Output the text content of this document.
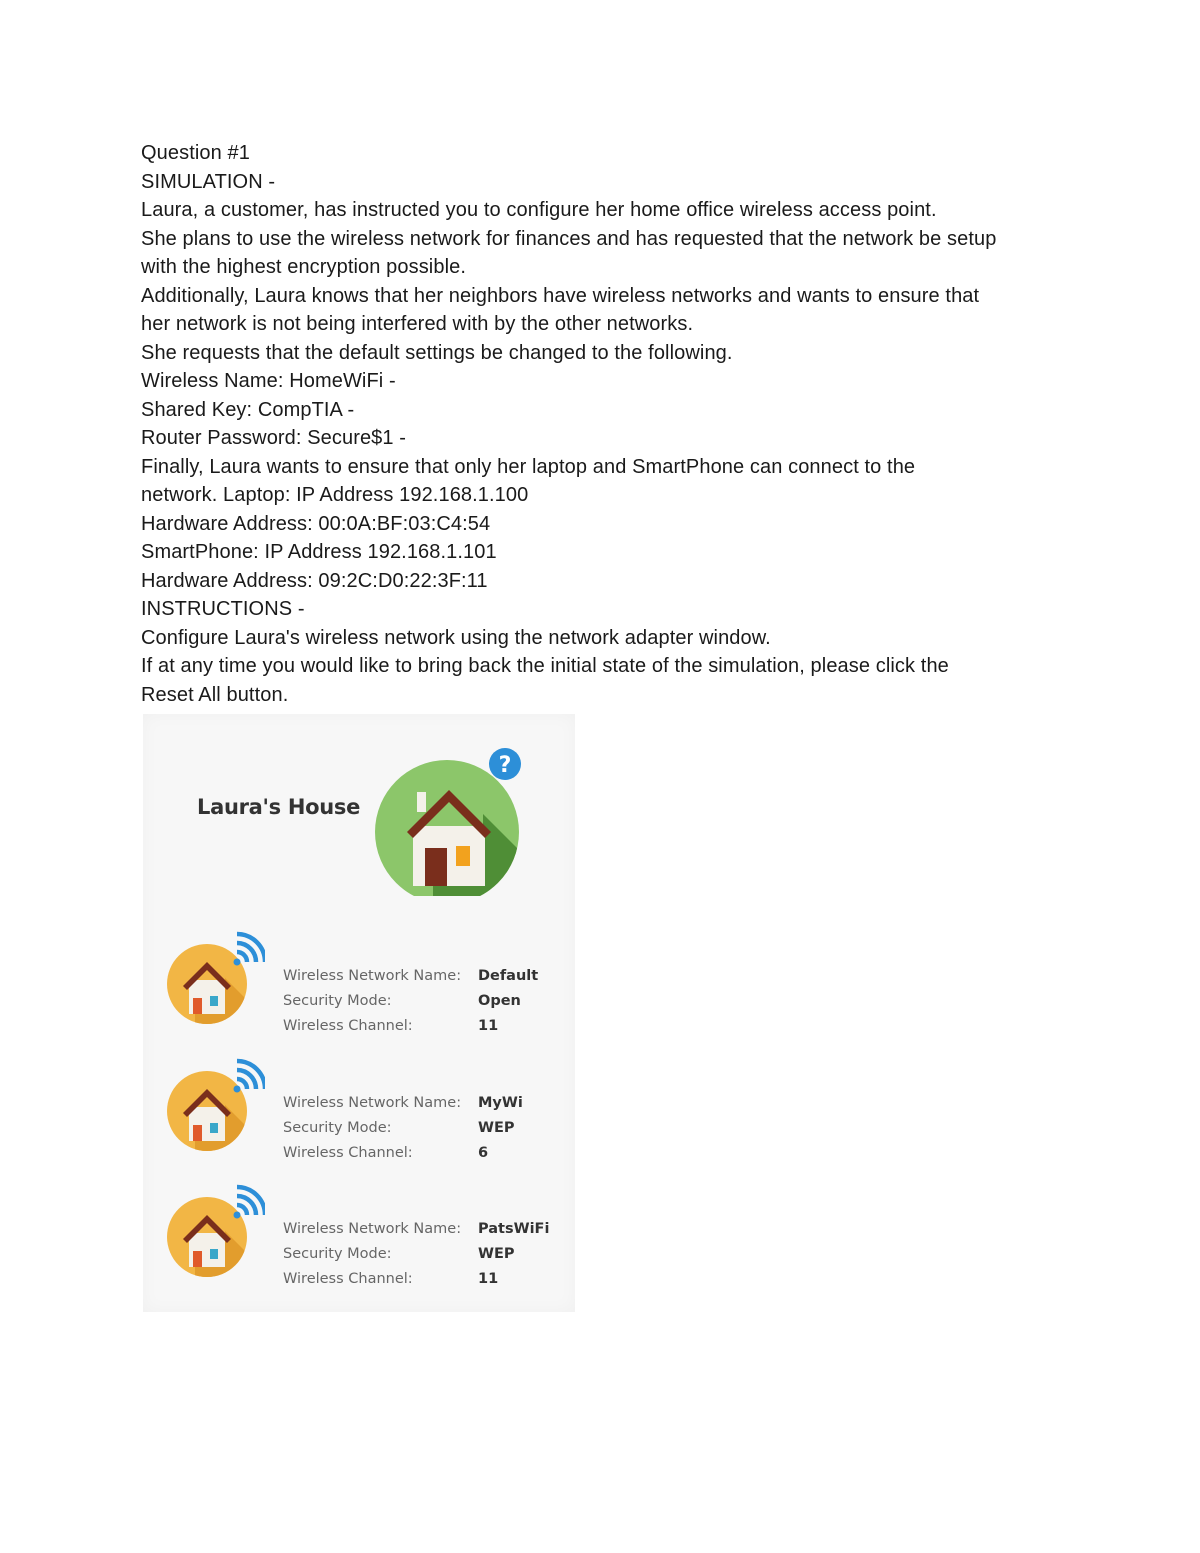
Question #1
SIMULATION -
Laura, a customer, has instructed you to configure her home office wireless access point.
She plans to use the wireless network for finances and has requested that the network be setup
with the highest encryption possible.
Additionally, Laura knows that her neighbors have wireless networks and wants to ensure that
her network is not being interfered with by the other networks.
She requests that the default settings be changed to the following.
Wireless Name: HomeWiFi -
Shared Key: CompTIA -
Router Password: Secure$1 -
Finally, Laura wants to ensure that only her laptop and SmartPhone can connect to the
network. Laptop: IP Address 192.168.1.100
Hardware Address: 00:0A:BF:03:C4:54
SmartPhone: IP Address 192.168.1.101
Hardware Address: 09:2C:D0:22:3F:11
INSTRUCTIONS -
Configure Laura's wireless network using the network adapter window.
If at any time you would like to bring back the initial state of the simulation, please click the
Reset All button.
Laura's House
?
Wireless Network Name: Default
Security Mode:	Open
Wireless Channel:	11
Wireless Network Name: MyWi
Security Mode:	WEP
Wireless Channel:	6
Wireless Network Name: PatsWiFi
Security Mode:	WEP
Wireless Channel:	11
